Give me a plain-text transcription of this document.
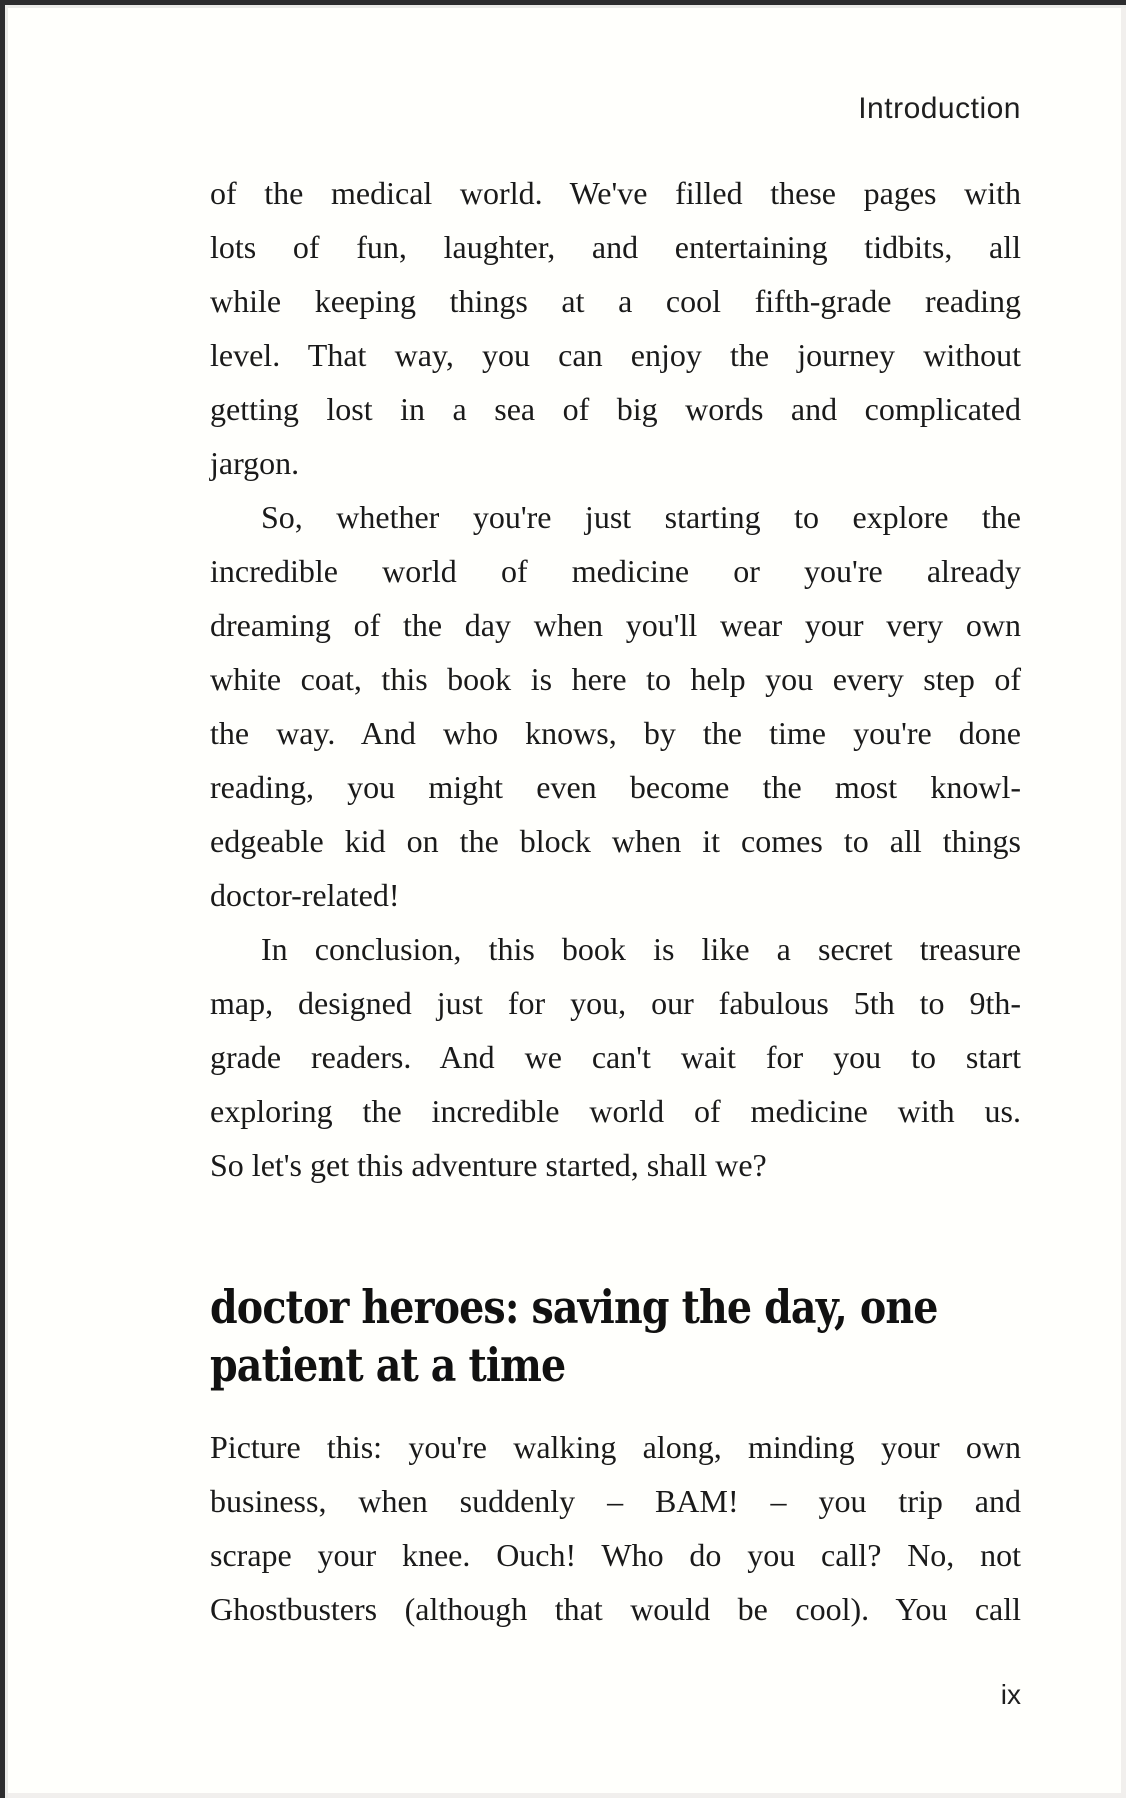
Introduction
of the medical world. We've filled these pages with
lots of fun, laughter, and entertaining tidbits, all
while keeping things at a cool fifth-grade reading
level. That way, you can enjoy the journey without
getting lost in a sea of big words and complicated
jargon.
So, whether you're just starting to explore the
incredible world of medicine or you're already
dreaming of the day when you'll wear your very own
white coat, this book is here to help you every step of
the way. And who knows, by the time you're done
reading, you might even become the most knowl-
edgeable kid on the block when it comes to all things
doctor-related!
In conclusion, this book is like a secret treasure
map, designed just for you, our fabulous 5th to 9th-
grade readers. And we can't wait for you to start
exploring the incredible world of medicine with us.
So let's get this adventure started, shall we?
doctor heroes: saving the day, one
patient at a time
Picture this: you're walking along, minding your own
business, when suddenly – BAM! – you trip and
scrape your knee. Ouch! Who do you call? No, not
Ghostbusters (although that would be cool). You call
ix
